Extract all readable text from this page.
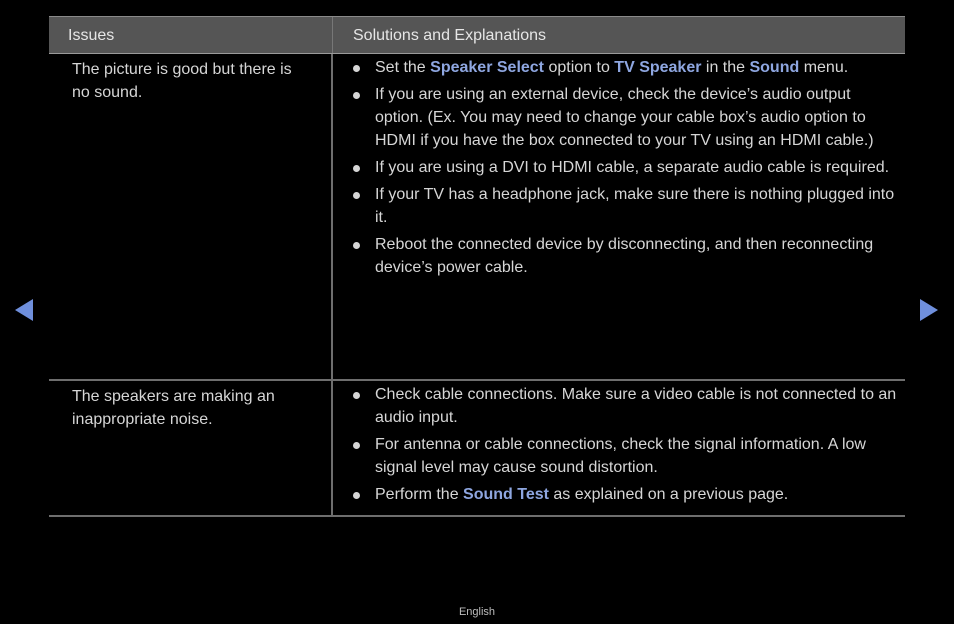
Issues	Solutions and Explanations
The picture is good but there is no sound.
Set the Speaker Select option to TV Speaker in the Sound menu.
If you are using an external device, check the device’s audio output option. (Ex. You may need to change your cable box’s audio option to HDMI if you have the box connected to your TV using an HDMI cable.)
If you are using a DVI to HDMI cable, a separate audio cable is required.
If your TV has a headphone jack, make sure there is nothing plugged into it.
Reboot the connected device by disconnecting, and then reconnecting device’s power cable.
The speakers are making an inappropriate noise.
Check cable connections. Make sure a video cable is not connected to an audio input.
For antenna or cable connections, check the signal information. A low signal level may cause sound distortion.
Perform the Sound Test as explained on a previous page.
English
